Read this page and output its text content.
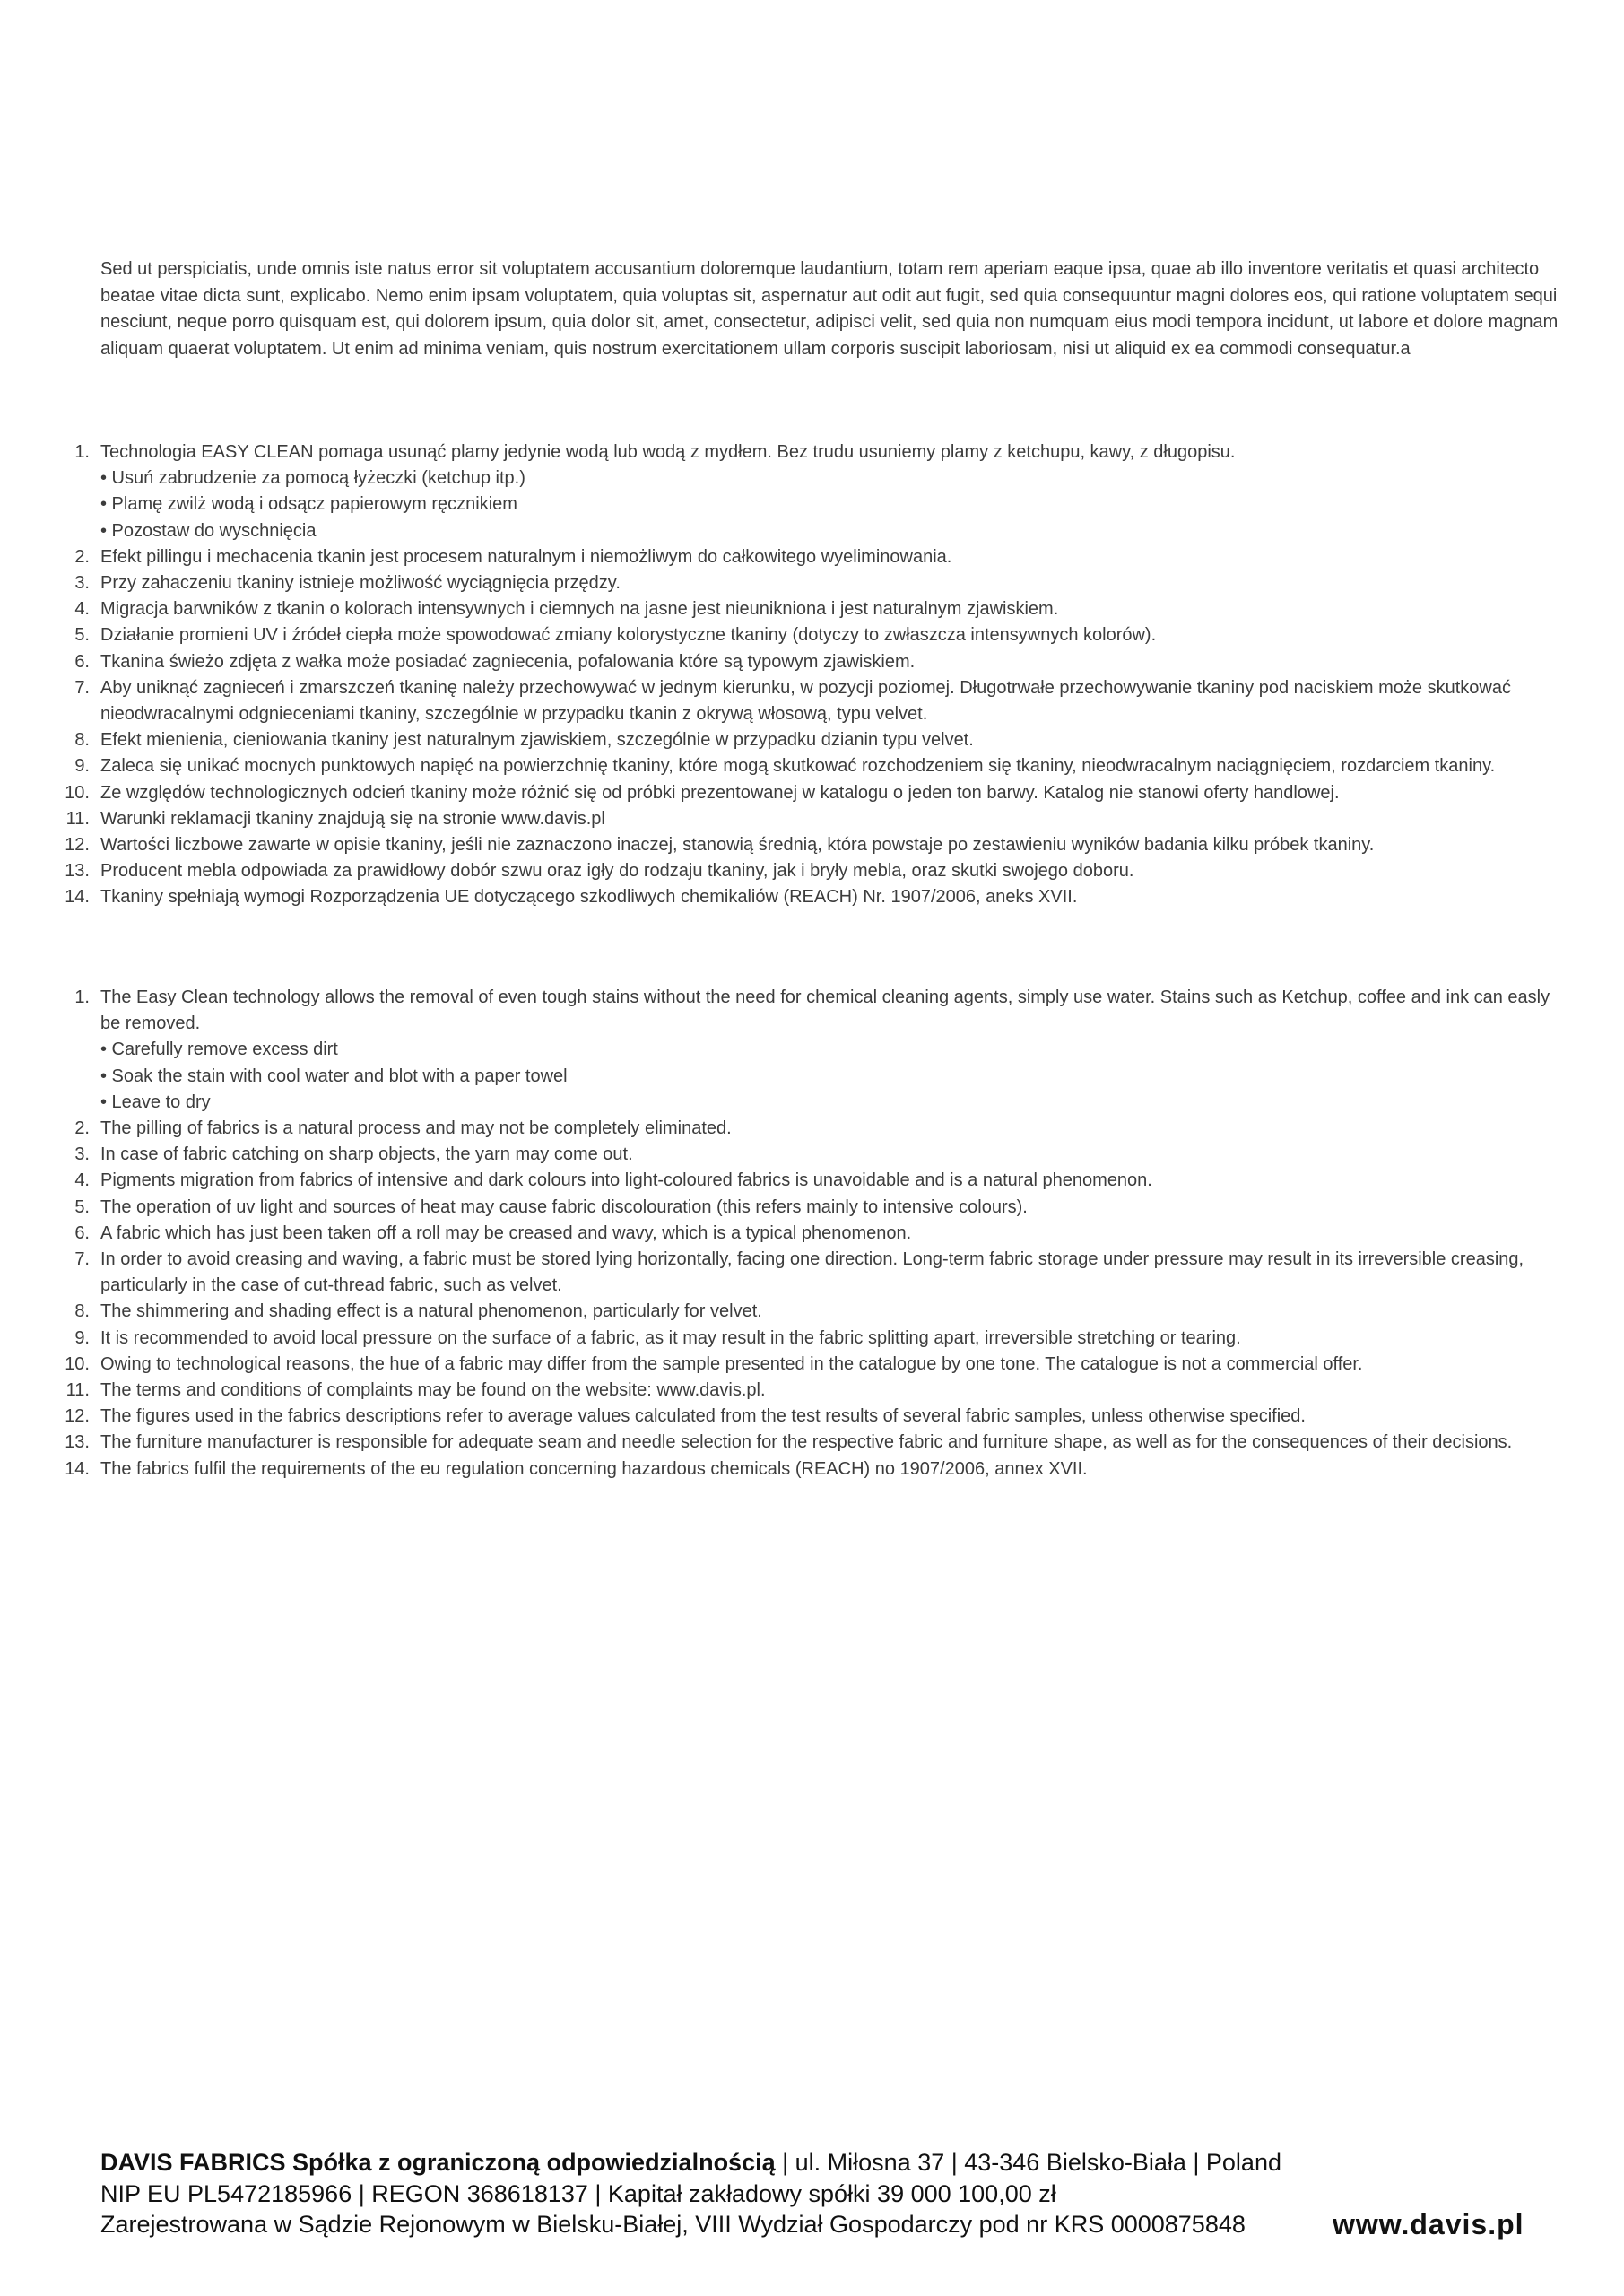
Sed ut perspiciatis, unde omnis iste natus error sit voluptatem accusantium doloremque laudantium, totam rem aperiam eaque ipsa, quae ab illo inventore veritatis et quasi architecto beatae vitae dicta sunt, explicabo. Nemo enim ipsam voluptatem, quia voluptas sit, aspernatur aut odit aut fugit, sed quia consequuntur magni dolores eos, qui ratione voluptatem sequi nesciunt, neque porro quisquam est, qui dolorem ipsum, quia dolor sit, amet, consectetur, adipisci velit, sed quia non numquam eius modi tempora incidunt, ut labore et dolore magnam aliquam quaerat voluptatem. Ut enim ad minima veniam, quis nostrum exercitationem ullam corporis suscipit laboriosam, nisi ut aliquid ex ea commodi consequatur.a

1. Technologia EASY CLEAN pomaga usunąć plamy jedynie wodą lub wodą z mydłem. Bez trudu usuniemy plamy z ketchupu, kawy, z długopisu.
• Usuń zabrudzenie za pomocą łyżeczki (ketchup itp.)
• Plamę zwilż wodą i odsącz papierowym ręcznikiem
• Pozostaw do wyschnięcia
2. Efekt pillingu i mechacenia tkanin jest procesem naturalnym i niemożliwym do całkowitego wyeliminowania.
3. Przy zahaczeniu tkaniny istnieje możliwość wyciągnięcia przędzy.
4. Migracja barwników z tkanin o kolorach intensywnych i ciemnych na jasne jest nieunikniona i jest naturalnym zjawiskiem.
5. Działanie promieni UV i źródeł ciepła może spowodować zmiany kolorystyczne tkaniny (dotyczy to zwłaszcza intensywnych kolorów).
6. Tkanina świeżo zdjęta z wałka może posiadać zagniecenia, pofalowania które są typowym zjawiskiem.
7. Aby uniknąć zagnieceń i zmarszczeń tkaninę należy przechowywać w jednym kierunku, w pozycji poziomej. Długotrwałe przechowywanie tkaniny pod naciskiem może skutkować nieodwracalnymi odgnieceniami tkaniny, szczególnie w przypadku tkanin z okrywą włosową, typu velvet.
8. Efekt mienienia, cieniowania tkaniny jest naturalnym zjawiskiem, szczególnie w przypadku dzianin typu velvet.
9. Zaleca się unikać mocnych punktowych napięć na powierzchnię tkaniny, które mogą skutkować rozchodzeniem się tkaniny, nieodwracalnym naciągnięciem, rozdarciem tkaniny.
10. Ze względów technologicznych odcień tkaniny może różnić się od próbki prezentowanej w katalogu o jeden ton barwy. Katalog nie stanowi oferty handlowej.
11. Warunki reklamacji tkaniny znajdują się na stronie www.davis.pl
12. Wartości liczbowe zawarte w opisie tkaniny, jeśli nie zaznaczono inaczej, stanowią średnią, która powstaje po zestawieniu wyników badania kilku próbek tkaniny.
13. Producent mebla odpowiada za prawidłowy dobór szwu oraz igły do rodzaju tkaniny, jak i bryły mebla, oraz skutki swojego doboru.
14. Tkaniny spełniają wymogi Rozporządzenia UE dotyczącego szkodliwych chemikaliów (REACH) Nr. 1907/2006, aneks XVII.
1. The Easy Clean technology allows the removal of even tough stains without the need for chemical cleaning agents, simply use water. Stains such as Ketchup, coffee and ink can easly be removed.
• Carefully remove excess dirt
• Soak the stain with cool water and blot with a paper towel
• Leave to dry
2. The pilling of fabrics is a natural process and may not be completely eliminated.
3. In case of fabric catching on sharp objects, the yarn may come out.
4. Pigments migration from fabrics of intensive and dark colours into light-coloured fabrics is unavoidable and is a natural phenomenon.
5. The operation of uv light and sources of heat may cause fabric discolouration (this refers mainly to intensive colours).
6. A fabric which has just been taken off a roll may be creased and wavy, which is a typical phenomenon.
7. In order to avoid creasing and waving, a fabric must be stored lying horizontally, facing one direction. Long-term fabric storage under pressure may result in its irreversible creasing, particularly in the case of cut-thread fabric, such as velvet.
8. The shimmering and shading effect is a natural phenomenon, particularly for velvet.
9. It is recommended to avoid local pressure on the surface of a fabric, as it may result in the fabric splitting apart, irreversible stretching or tearing.
10. Owing to technological reasons, the hue of a fabric may differ from the sample presented in the catalogue by one tone. The catalogue is not a commercial offer.
11. The terms and conditions of complaints may be found on the website: www.davis.pl.
12. The figures used in the fabrics descriptions refer to average values calculated from the test results of several fabric samples, unless otherwise specified.
13. The furniture manufacturer is responsible for adequate seam and needle selection for the respective fabric and furniture shape, as well as for the consequences of their decisions.
14. The fabrics fulfil the requirements of the eu regulation concerning hazardous chemicals (REACH) no 1907/2006, annex XVII.
DAVIS FABRICS Spółka z ograniczoną odpowiedzialnością | ul. Miłosna 37 | 43-346 Bielsko-Biała | Poland
NIP EU PL5472185966 | REGON 368618137 | Kapitał zakładowy spółki 39 000 100,00 zł
Zarejestrowana w Sądzie Rejonowym w Bielsku-Białej, VIII Wydział Gospodarczy pod nr KRS 0000875848	www.davis.pl
